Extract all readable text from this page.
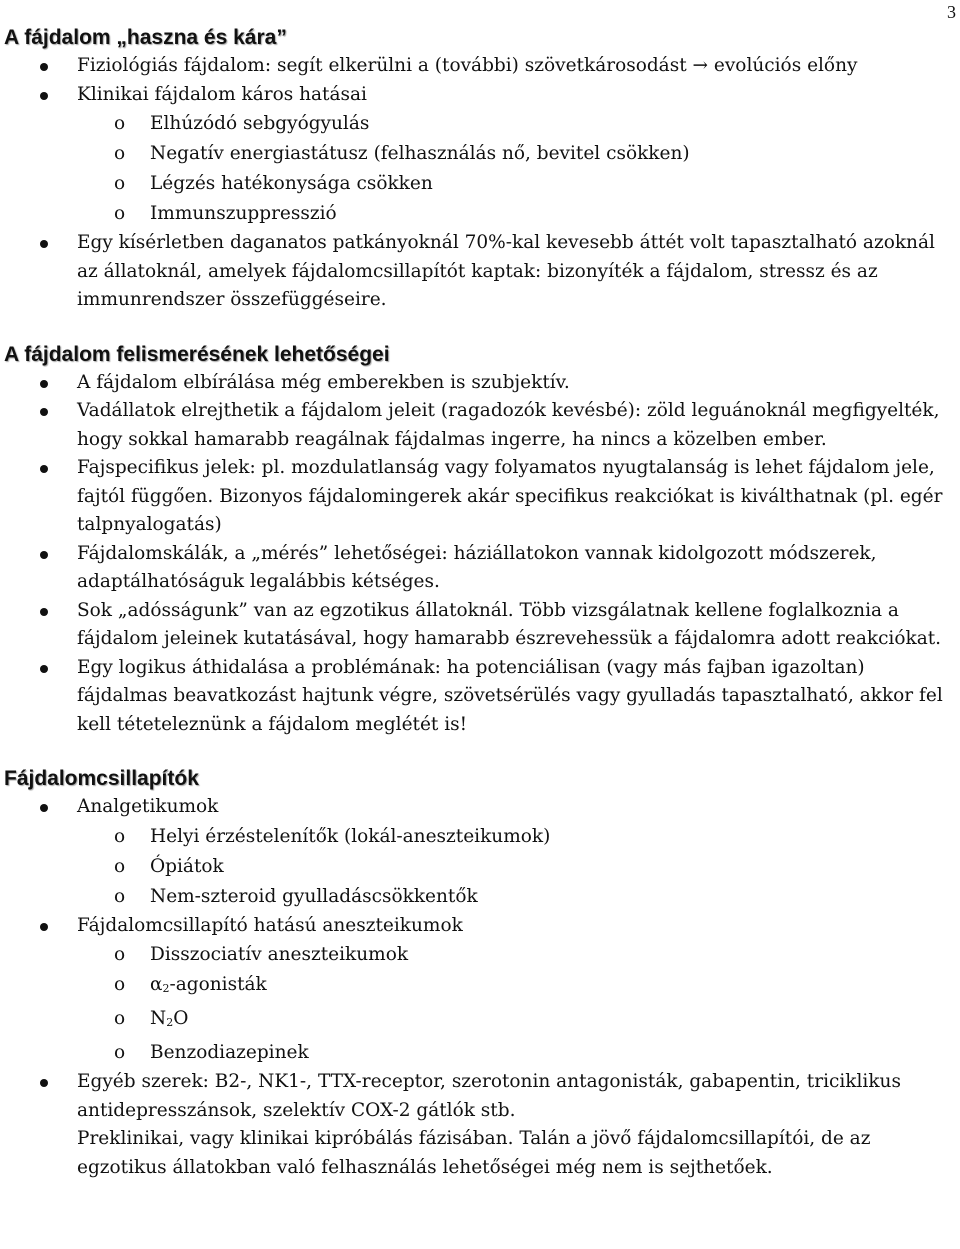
3
A fájdalom „haszna és kára”
Fiziológiás fájdalom: segít elkerülni a (további) szövetkárosodást → evolúciós előny
Klinikai fájdalom káros hatásai
o Elhúzódó sebgyógyulás
o Negatív energiastátusz (felhasználás nő, bevitel csökken)
o Légzés hatékonysága csökken
o Immunszuppresszió
Egy kísérletben daganatos patkányoknál 70%-kal kevesebb áttét volt tapasztalható azoknál az állatoknál, amelyek fájdalomcsillapítót kaptak: bizonyíték a fájdalom, stressz és az immunrendszer összefüggéseire.
A fájdalom felismerésének lehetőségei
A fájdalom elbírálása még emberekben is szubjektív.
Vadállatok elrejthetik a fájdalom jeleit (ragadozók kevésbé): zöld leguánoknál megfigyelték, hogy sokkal hamarabb reagálnak fájdalmas ingerre, ha nincs a közelben ember.
Fajspecifikus jelek: pl. mozdulatlanság vagy folyamatos nyugtalanság is lehet fájdalom jele, fajtól függően. Bizonyos fájdalomingerek akár specifikus reakciókat is kiválthatnak (pl. egér talpnyalogatás)
Fájdalomskálák, a „mérés” lehetőségei: háziállatokon vannak kidolgozott módszerek, adaptálhatóságuk legalábbis kétséges.
Sok „adósságunk” van az egzotikus állatoknál. Több vizsgálatnak kellene foglalkoznia a fájdalom jeleinek kutatásával, hogy hamarabb észrevehessük a fájdalomra adott reakciókat.
Egy logikus áthidalása a problémának: ha potenciálisan (vagy más fajban igazoltan) fájdalmas beavatkozást hajtunk végre, szövetsérülés vagy gyulladás tapasztalható, akkor fel kell téteteleznünk a fájdalom meglétét is!
Fájdalomcsillapítók
Analgetikumok
o Helyi érzéstelenítők (lokál-aneszteikumok)
o Ópiátok
o Nem-szteroid gyulladáscsökkentők
Fájdalomcsillapító hatású aneszteikumok
o Disszociatív aneszteikumok
o $\alpha_2$-agonisták
o $N_2O$
o Benzodiazepinek
Egyéb szerek: B2-, NK1-, TTX-receptor, szerotonin antagonisták, gabapentin, triciklikus antidepresszánsok, szelektív COX-2 gátlók stb.

Preklinikai, vagy klinikai kipróbálás fázisában. Talán a jövő fájdalomcsillapítói, de az egzotikus állatokban való felhasználás lehetőségei még nem is sejthetőek.
